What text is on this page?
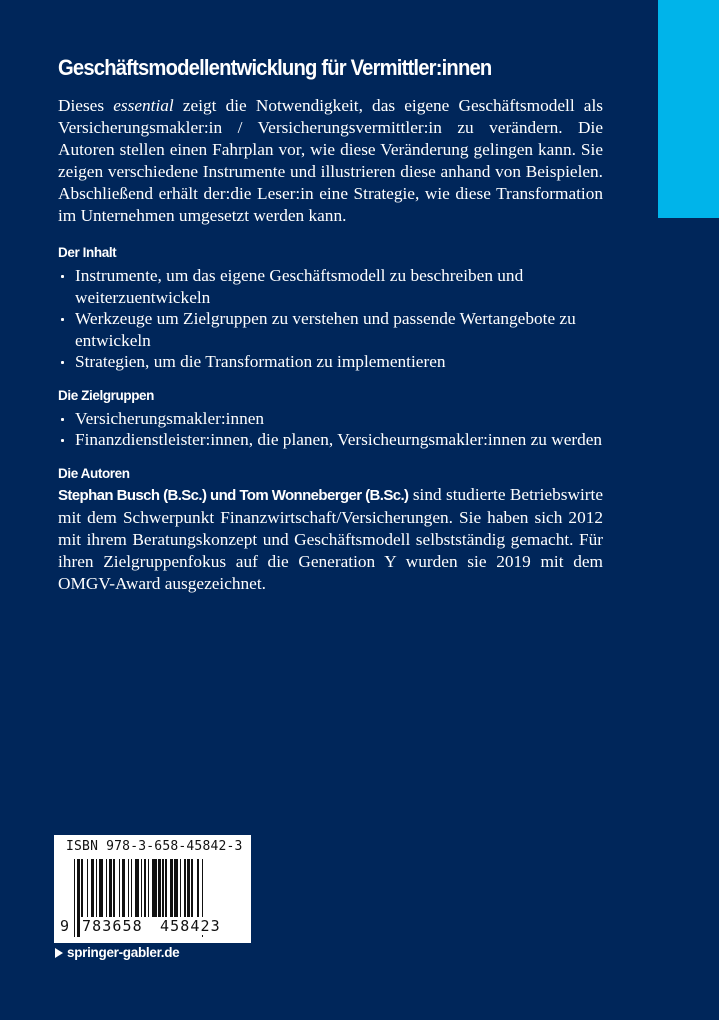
Geschäftsmodellentwicklung für Vermittler:innen

Dieses essential zeigt die Notwendigkeit, das eigene Geschäftsmodell als Versicherungsmakler:in / Versicherungsvermittler:in zu verändern. Die Autoren stellen einen Fahrplan vor, wie diese Veränderung gelingen kann. Sie zeigen verschiedene Instrumente und illustrieren diese anhand von Beispielen. Abschließend erhält der:die Leser:in eine Strategie, wie diese Transformation im Unternehmen umgesetzt werden kann.

Der Inhalt
Instrumente, um das eigene Geschäftsmodell zu beschreiben und weiterzuentwickeln
Werkzeuge um Zielgruppen zu verstehen und passende Wertangebote zu entwickeln
Strategien, um die Transformation zu implementieren
Die Zielgruppen
Versicherungsmakler:innen
Finanzdienstleister:innen, die planen, Versicheurngsmakler:innen zu werden
Die Autoren

Stephan Busch (B.Sc.) und Tom Wonneberger (B.Sc.) sind studierte Betriebswirte mit dem Schwerpunkt Finanzwirtschaft/Versicherungen. Sie haben sich 2012 mit ihrem Beratungskonzept und Geschäftsmodell selbstständig gemacht. Für ihren Zielgruppenfokus auf die Generation Y wurden sie 2019 mit dem OMGV-Award ausgezeichnet.

ISBN 978-3-658-45842-3
9 783658 458423
springer-gabler.de
